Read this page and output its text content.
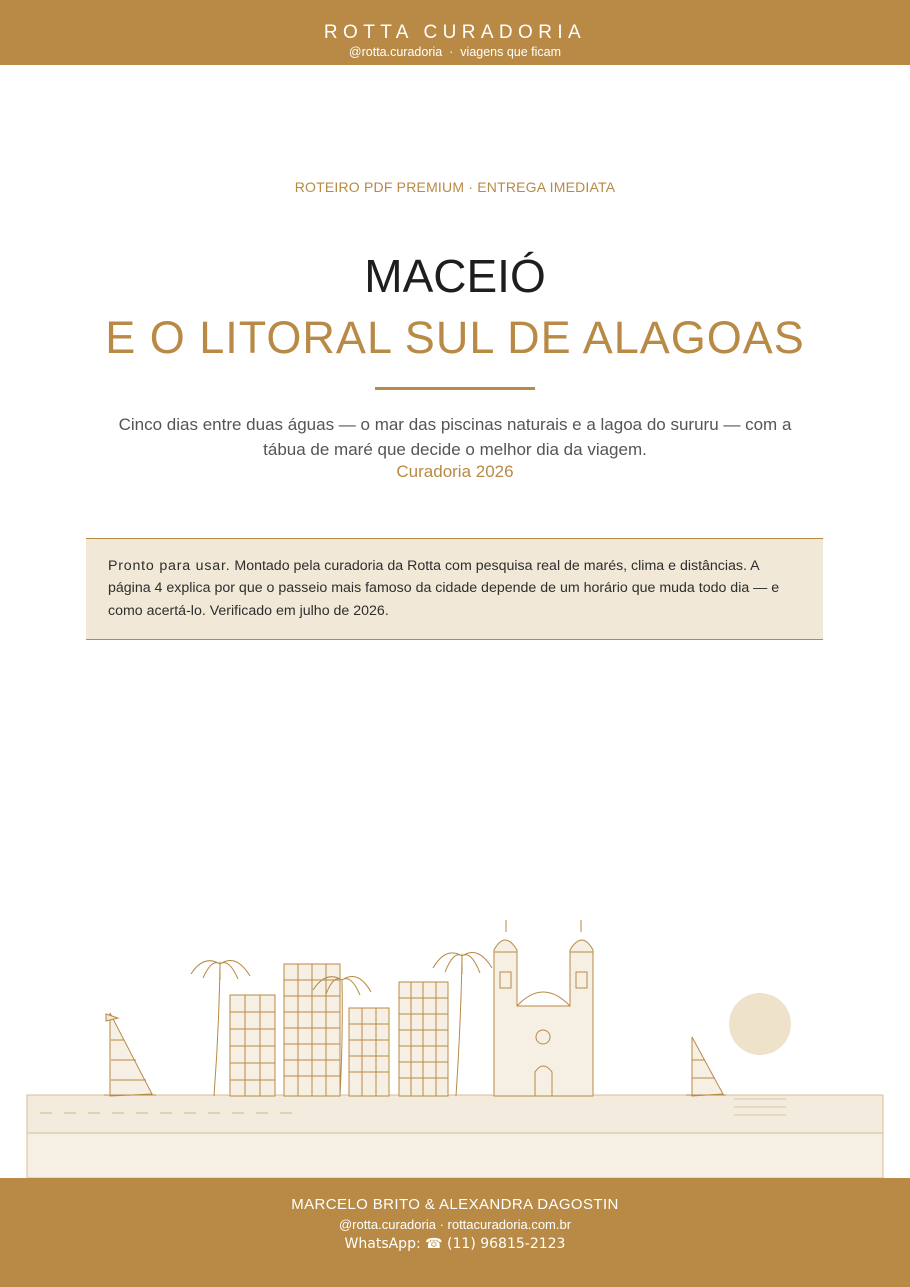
ROTTA CURADORIA
@rotta.curadoria · viagens que ficam
ROTEIRO PDF PREMIUM · ENTREGA IMEDIATA
MACEIÓ
E O LITORAL SUL DE ALAGOAS
Cinco dias entre duas águas — o mar das piscinas naturais e a lagoa do sururu — com a
tábua de maré que decide o melhor dia da viagem.
Curadoria 2026
Pronto para usar. Montado pela curadoria da Rotta com pesquisa real de marés, clima e distâncias. A página 4 explica por que o passeio mais famoso da cidade depende de um horário que muda todo dia — e como acertá-lo. Verificado em julho de 2026.
MARCELO BRITO & ALEXANDRA DAGOSTIN
@rotta.curadoria · rottacuradoria.com.br
WhatsApp: ☎ (11) 96815-2123
